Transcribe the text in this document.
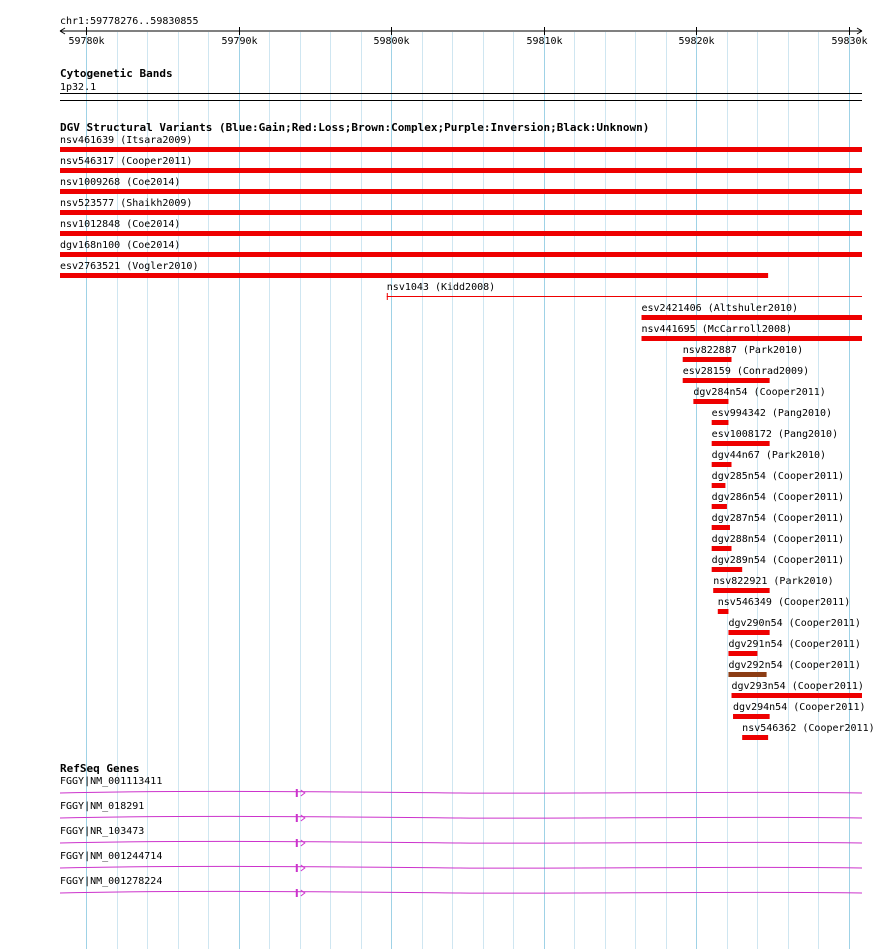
chr1:59778276..59830855
59780k	59790k	59800k	59810k	59820k	59830k
Cytogenetic Bands
1p32.1
DGV Structural Variants (Blue:Gain;Red:Loss;Brown:Complex;Purple:Inversion;Black:Unknown)
nsv461639 (Itsara2009)
nsv546317 (Cooper2011)
nsv1009268 (Coe2014)
nsv523577 (Shaikh2009)
nsv1012848 (Coe2014)
dgv168n100 (Coe2014)
esv2763521 (Vogler2010)
nsv1043 (Kidd2008)
esv2421406 (Altshuler2010)
nsv441695 (McCarroll2008)
nsv822887 (Park2010)
esv28159 (Conrad2009)
dgv284n54 (Cooper2011)
esv994342 (Pang2010)
esv1008172 (Pang2010)
dgv44n67 (Park2010)
dgv285n54 (Cooper2011)
dgv286n54 (Cooper2011)
dgv287n54 (Cooper2011)
dgv288n54 (Cooper2011)
dgv289n54 (Cooper2011)
nsv822921 (Park2010)
nsv546349 (Cooper2011)
dgv290n54 (Cooper2011)
dgv291n54 (Cooper2011)
dgv292n54 (Cooper2011)
dgv293n54 (Cooper2011)
dgv294n54 (Cooper2011)
nsv546362 (Cooper2011)
RefSeq Genes
FGGY|NM_001113411
FGGY|NM_018291
FGGY|NR_103473
FGGY|NM_001244714
FGGY|NM_001278224
